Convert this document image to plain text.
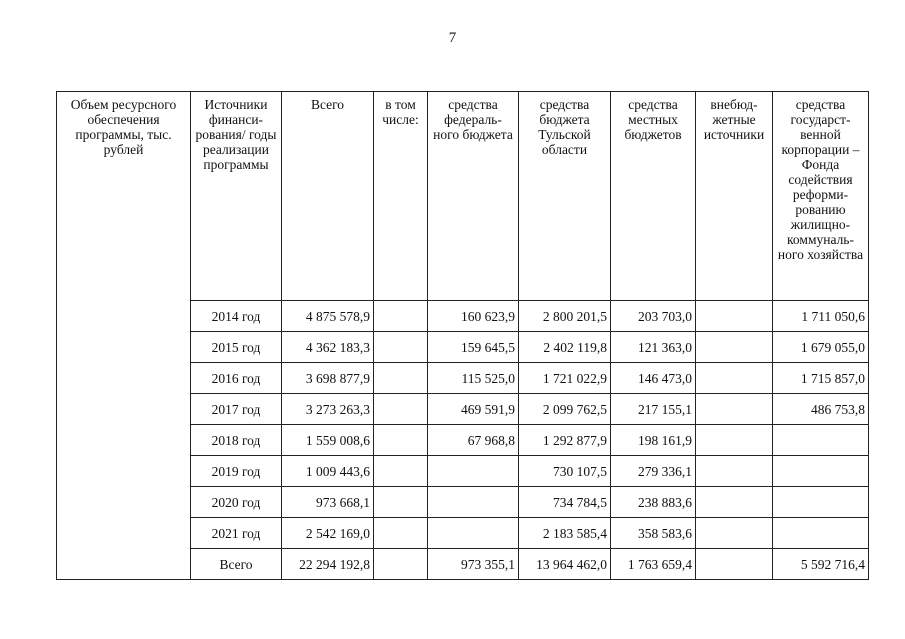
7
Объем ресурсного обеспечения программы, тыс. рублей	Источники финанси-
рования/ годы реализации программы	Всего	в том числе:	средства федераль-
ного бюджета	средства бюджета Тульской области	средства местных бюджетов	внебюд-
жетные источники	средства государст-
венной корпорации – Фонда содействия реформи-
рованию жилищно-
коммуналь-
ного хозяйства

	2014 год	4 875 578,9		160 623,9	2 800 201,5	203 703,0		1 711 050,6
	2015 год	4 362 183,3		159 645,5	2 402 119,8	121 363,0		1 679 055,0
	2016 год	3 698 877,9		115 525,0	1 721 022,9	146 473,0		1 715 857,0
	2017 год	3 273 263,3		469 591,9	2 099 762,5	217 155,1		486 753,8
	2018 год	1 559 008,6		67 968,8	1 292 877,9	198 161,9		
	2019 год	1 009 443,6			730 107,5	279 336,1		
	2020 год	973 668,1			734 784,5	238 883,6		
	2021 год	2 542 169,0			2 183 585,4	358 583,6		
	Всего	22 294 192,8		973 355,1	13 964 462,0	1 763 659,4		5 592 716,4
